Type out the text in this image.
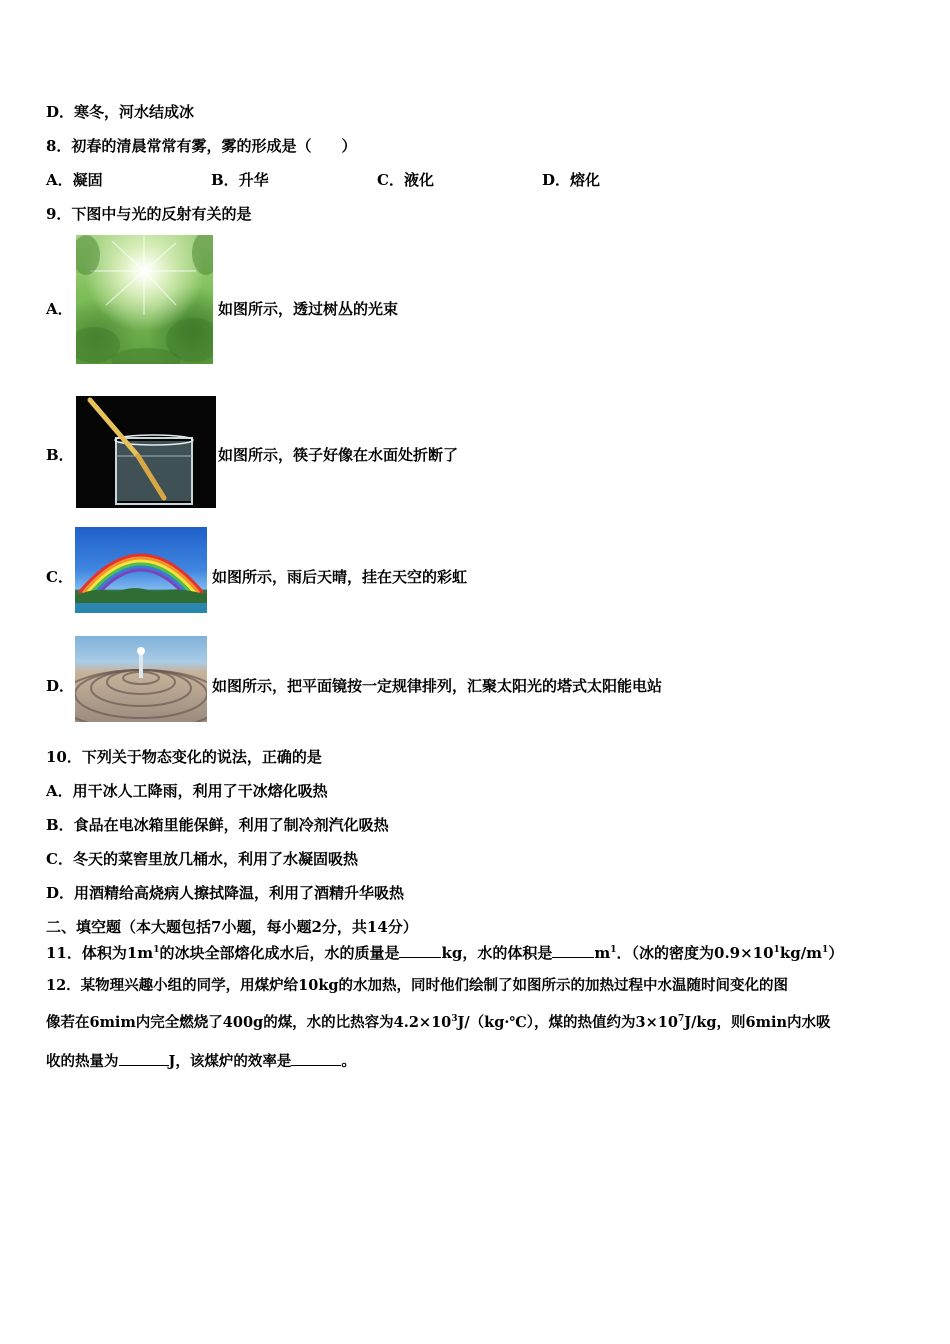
D．寒冬，河水结成冰
8．初春的清晨常常有雾，雾的形成是（　　）
A．凝固	B．升华	C．液化	D．熔化
9．下图中与光的反射有关的是
A．	如图所示，透过树丛的光束
B．	如图所示，筷子好像在水面处折断了
C．	如图所示，雨后天晴，挂在天空的彩虹
D．	如图所示，把平面镜按一定规律排列，汇聚太阳光的塔式太阳能电站
10．下列关于物态变化的说法，正确的是
A．用干冰人工降雨，利用了干冰熔化吸热
B．食品在电冰箱里能保鲜，利用了制冷剂汽化吸热
C．冬天的菜窖里放几桶水，利用了水凝固吸热
D．用酒精给高烧病人擦拭降温，利用了酒精升华吸热
二、填空题（本大题包括7小题，每小题2分，共14分）
11．体积为$1m^1$的冰块全部熔化成水后，水的质量是	kg，水的体积是	$m^1$．（冰的密度为$0.9\times 10^1kg/m^1$）
12．某物理兴趣小组的同学，用煤炉给10kg的水加热，同时他们绘制了如图所示的加热过程中水温随时间变化的图
像若在6mim内完全燃烧了400g的煤，水的比热容为$4.2\times 10^3J/(kg\cdot℃)$，煤的热值约为$3\times 10^7J/kg$，则6min内水吸
收的热量为	J，该煤炉的效率是	。
